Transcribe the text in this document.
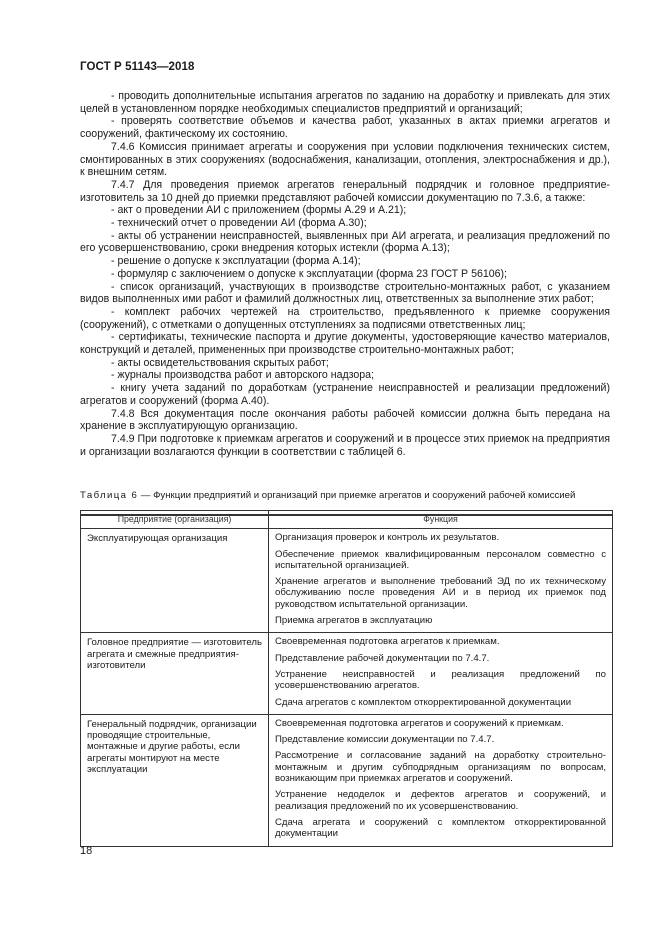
ГОСТ Р 51143—2018

- проводить дополнительные испытания агрегатов по заданию на доработку и привлекать для этих целей в установленном порядке необходимых специалистов предприятий и организаций;

- проверять соответствие объемов и качества работ, указанных в актах приемки агрегатов и сооружений, фактическому их состоянию.

7.4.6 Комиссия принимает агрегаты и сооружения при условии подключения технических систем, смонтированных в этих сооружениях (водоснабжения, канализации, отопления, электроснабжения и др.), к внешним сетям.

7.4.7 Для проведения приемок агрегатов генеральный подрядчик и головное предприятие-изготовитель за 10 дней до приемки представляют рабочей комиссии документацию по 7.3.6, а также:

- акт о проведении АИ с приложением (формы А.29 и А.21);

- технический отчет о проведении АИ (форма А.30);

- акты об устранении неисправностей, выявленных при АИ агрегата, и реализация предложений по его усовершенствованию, сроки внедрения которых истекли (форма А.13);

- решение о допуске к эксплуатации (форма А.14);

- формуляр с заключением о допуске к эксплуатации (форма 23 ГОСТ Р 56106);

- список организаций, участвующих в производстве строительно-монтажных работ, с указанием видов выполненных ими работ и фамилий должностных лиц, ответственных за выполнение этих работ;

- комплект рабочих чертежей на строительство, предъявленного к приемке сооружения (сооружений), с отметками о допущенных отступлениях за подписями ответственных лиц;

- сертификаты, технические паспорта и другие документы, удостоверяющие качество материалов, конструкций и деталей, примененных при производстве строительно-монтажных работ;

- акты освидетельствования скрытых работ;

- журналы производства работ и авторского надзора;

- книгу учета заданий по доработкам (устранение неисправностей и реализации предложений) агрегатов и сооружений (форма А.40).

7.4.8 Вся документация после окончания работы рабочей комиссии должна быть передана на хранение в эксплуатирующую организацию.

7.4.9 При подготовке к приемкам агрегатов и сооружений и в процессе этих приемок на предприятия и организации возлагаются функции в соответствии с таблицей 6.

Таблица 6 — Функции предприятий и организаций при приемке агрегатов и сооружений рабочей комиссией
Предприятие (организация)	Функция
Эксплуатирующая организация	Организация проверок и контроль их результатов.

Обеспечение приемок квалифицированным персоналом совместно с испытательной организацией.

Хранение агрегатов и выполнение требований ЭД по их техническому обслуживанию после проведения АИ и в период их приемок под руководством испытательной организации.

Приемка агрегатов в эксплуатацию

Головное предприятие — изготовитель агрегата и смежные предприятия-изготовители	Своевременная подготовка агрегатов к приемкам.

Представление рабочей документации по 7.4.7.

Устранение неисправностей и реализация предложений по усовершенствованию агрегатов.

Сдача агрегатов с комплектом откорректированной документации

Генеральный подрядчик, организации проводящие строительные, монтажные и другие работы, если агрегаты монтируют на месте эксплуатации	Своевременная подготовка агрегатов и сооружений к приемкам.

Представление комиссии документации по 7.4.7.

Рассмотрение и согласование заданий на доработку строительно-монтажным и другим субподрядным организациям по вопросам, возникающим при приемках агрегатов и сооружений.

Устранение недоделок и дефектов агрегатов и сооружений, и реализация предложений по их усовершенствованию.

Сдача агрегата и сооружений с комплектом откорректированной документации

18
